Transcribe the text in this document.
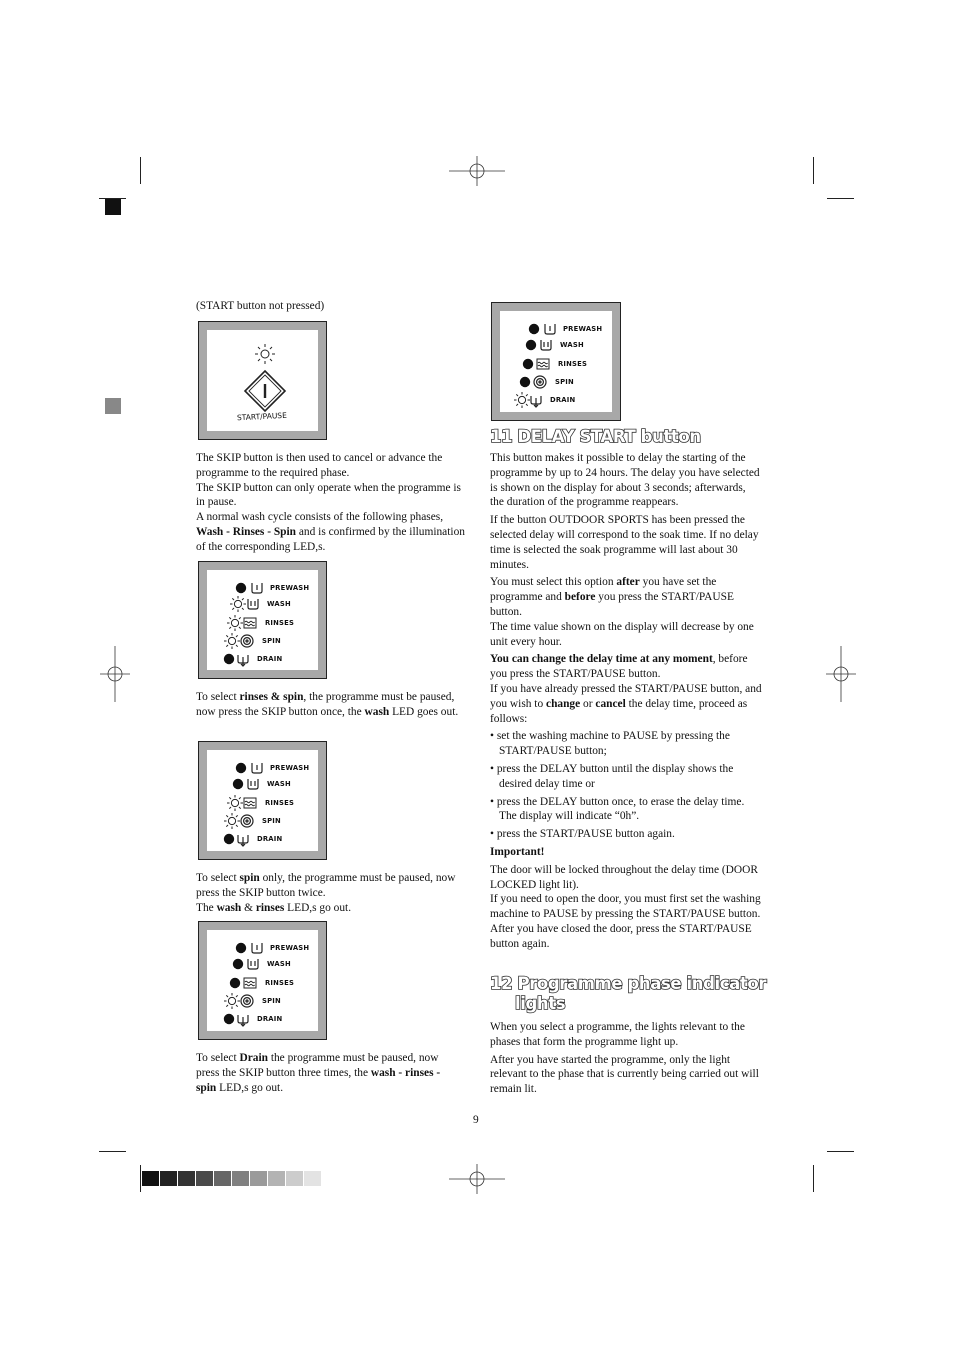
(START button not pressed)
START/PAUSE

The SKIP button is then used to cancel or advance the programme to the required phase.

The SKIP button can only operate when the programme is in pause.

A normal wash cycle consists of the following phases, Wash - Rinses - Spin and is confirmed by the illumination of the corresponding LED,s.

PREWASH
WASH
RINSES
SPIN
DRAIN

To select rinses & spin, the programme must be paused, now press the SKIP button once, the wash LED goes out.

PREWASH
WASH
RINSES
SPIN
DRAIN

To select spin only, the programme must be paused, now press the SKIP button twice.

The wash & rinses LED,s go out.

PREWASH
WASH
RINSES
SPIN
DRAIN

To select Drain the programme must be paused, now press the SKIP button three times, the wash - rinses - spin LED,s go out.

PREWASH
WASH
RINSES
SPIN
DRAIN
11 DELAY START button

This button makes it possible to delay the starting of the programme by up to 24 hours. The delay you have selected is shown on the display for about 3 seconds; afterwards, the duration of the programme reappears.

If the button OUTDOOR SPORTS has been pressed the selected delay will correspond to the soak time. If no delay time is selected the soak programme will last about 30 minutes.

You must select this option after you have set the programme and before you press the START/PAUSE button.

The time value shown on the display will decrease by one unit every hour.

You can change the delay time at any moment, before you press the START/PAUSE button.

If you have already pressed the START/PAUSE button, and you wish to change or cancel the delay time, proceed as follows:

• set the washing machine to PAUSE by pressing the START/PAUSE button;

• press the DELAY button until the display shows the desired delay time or

• press the DELAY button once, to erase the delay time. The display will indicate “0h”.

• press the START/PAUSE button again.

Important!

The door will be locked throughout the delay time (DOOR LOCKED light lit).

If you need to open the door, you must first set the washing machine to PAUSE by pressing the START/PAUSE button. After you have closed the door, press the START/PAUSE button again.

12 Programme phase indicator
lights

When you select a programme, the lights relevant to the phases that form the programme light up.

After you have started the programme, only the light relevant to the phase that is currently being carried out will remain lit.

9
